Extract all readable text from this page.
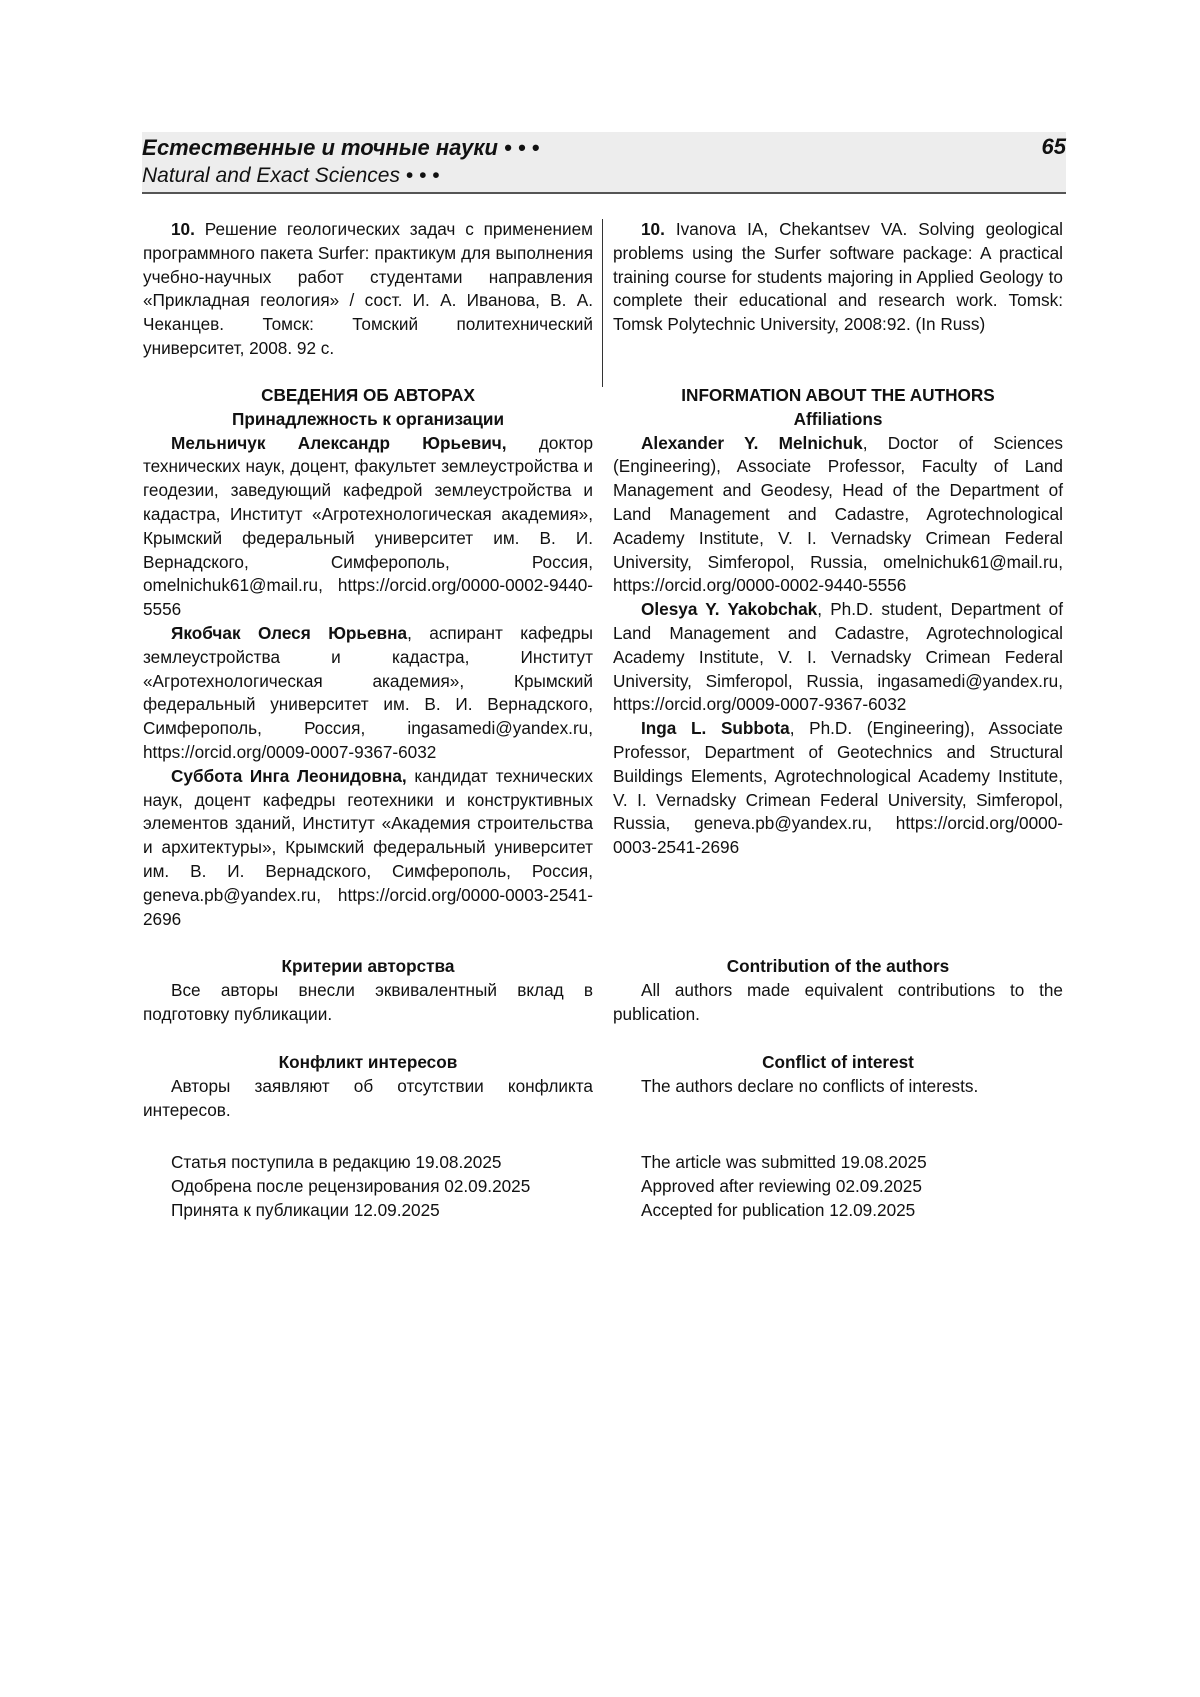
Естественные и точные науки • • •
Natural and Exact Sciences • • •
65

10. Решение геологических задач с применением программного пакета Surfer: практикум для выполнения учебно-научных работ студентами направления «Прикладная геология» / сост. И. А. Иванова, В. А. Чеканцев. Томск: Томский политехнический университет, 2008. 92 с.

СВЕДЕНИЯ ОБ АВТОРАХ

Принадлежность к организации

Мельничук Александр Юрьевич, доктор технических наук, доцент, факультет землеустройства и геодезии, заведующий кафедрой землеустройства и кадастра, Институт «Агротехнологическая академия», Крымский федеральный университет им. В. И. Вернадского, Симферополь, Россия, omelnichuk61@mail.ru, https://orcid.org/0000-0002-9440-5556

Якобчак Олеся Юрьевна, аспирант кафедры землеустройства и кадастра, Институт «Агротехнологическая академия», Крымский федеральный университет им. В. И. Вернадского, Симферополь, Россия, ingasamedi@yandex.ru, https://orcid.org/0009-0007-9367-6032

Суббота Инга Леонидовна, кандидат технических наук, доцент кафедры геотехники и конструктивных элементов зданий, Институт «Академия строительства и архитектуры», Крымский федеральный университет им. В. И. Вернадского, Симферополь, Россия, geneva.pb@yandex.ru, https://orcid.org/0000-0003-2541-2696

Критерии авторства

Все авторы внесли эквивалентный вклад в подготовку публикации.

Конфликт интересов

Авторы заявляют об отсутствии конфликта интересов.

Статья поступила в редакцию 19.08.2025

Одобрена после рецензирования 02.09.2025

Принята к публикации 12.09.2025

10. Ivanova IA, Chekantsev VA. Solving geological problems using the Surfer software package: A practical training course for students majoring in Applied Geology to complete their educational and research work. Tomsk: Tomsk Polytechnic University, 2008:92. (In Russ)

INFORMATION ABOUT THE AUTHORS

Affiliations

Alexander Y. Melnichuk, Doctor of Sciences (Engineering), Associate Professor, Faculty of Land Management and Geodesy, Head of the Department of Land Management and Cadastre, Agrotechnological Academy Institute, V. I. Vernadsky Crimean Federal University, Simferopol, Russia, omelnichuk61@mail.ru, https://orcid.org/0000-0002-9440-5556

Olesya Y. Yakobchak, Ph.D. student, Department of Land Management and Cadastre, Agrotechnological Academy Institute, V. I. Vernadsky Crimean Federal University, Simferopol, Russia, ingasamedi@yandex.ru, https://orcid.org/0009-0007-9367-6032

Inga L. Subbota, Ph.D. (Engineering), Associate Professor, Department of Geotechnics and Structural Buildings Elements, Agrotechnological Academy Institute, V. I. Vernadsky Crimean Federal University, Simferopol, Russia, geneva.pb@yandex.ru, https://orcid.org/0000-0003-2541-2696

Contribution of the authors

All authors made equivalent contributions to the publication.

Conflict of interest

The authors declare no conflicts of interests.

The article was submitted 19.08.2025

Approved after reviewing 02.09.2025

Accepted for publication 12.09.2025
